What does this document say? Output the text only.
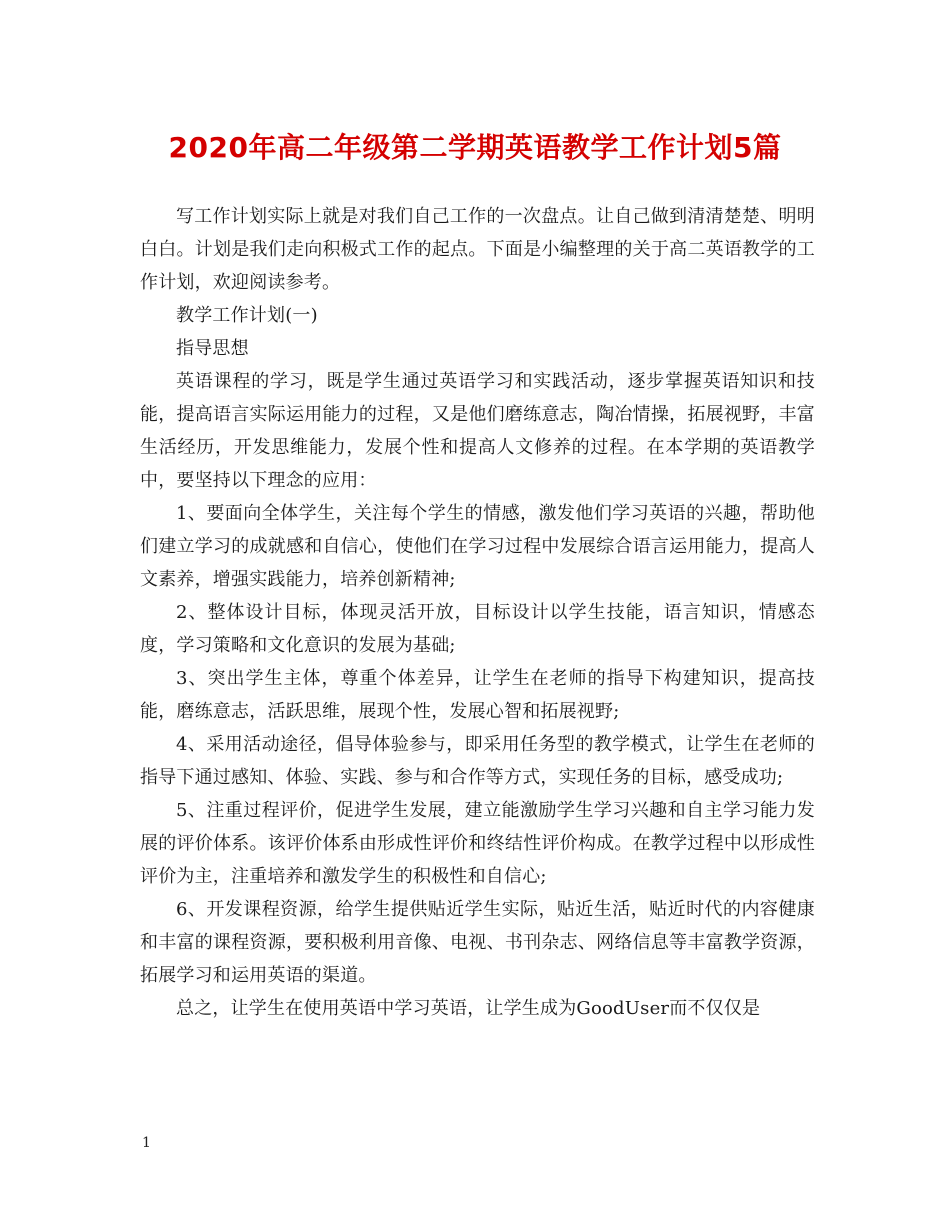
2020年高二年级第二学期英语教学工作计划5篇

写工作计划实际上就是对我们自己工作的一次盘点。让自己做到清清楚楚、明明白白。计划是我们走向积极式工作的起点。下面是小编整理的关于高二英语教学的工作计划，欢迎阅读参考。

教学工作计划(一)

指导思想

英语课程的学习，既是学生通过英语学习和实践活动，逐步掌握英语知识和技能，提高语言实际运用能力的过程，又是他们磨练意志，陶冶情操，拓展视野，丰富生活经历，开发思维能力，发展个性和提高人文修养的过程。在本学期的英语教学中，要坚持以下理念的应用：

1、要面向全体学生，关注每个学生的情感，激发他们学习英语的兴趣，帮助他们建立学习的成就感和自信心，使他们在学习过程中发展综合语言运用能力，提高人文素养，增强实践能力，培养创新精神;

2、整体设计目标，体现灵活开放，目标设计以学生技能，语言知识，情感态度，学习策略和文化意识的发展为基础;

3、突出学生主体，尊重个体差异，让学生在老师的指导下构建知识，提高技能，磨练意志，活跃思维，展现个性，发展心智和拓展视野;

4、采用活动途径，倡导体验参与，即采用任务型的教学模式，让学生在老师的指导下通过感知、体验、实践、参与和合作等方式，实现任务的目标，感受成功;

5、注重过程评价，促进学生发展，建立能激励学生学习兴趣和自主学习能力发展的评价体系。该评价体系由形成性评价和终结性评价构成。在教学过程中以形成性评价为主，注重培养和激发学生的积极性和自信心;

6、开发课程资源，给学生提供贴近学生实际，贴近生活，贴近时代的内容健康和丰富的课程资源，要积极利用音像、电视、书刊杂志、网络信息等丰富教学资源，拓展学习和运用英语的渠道。

总之，让学生在使用英语中学习英语，让学生成为GoodUser而不仅仅是

1
